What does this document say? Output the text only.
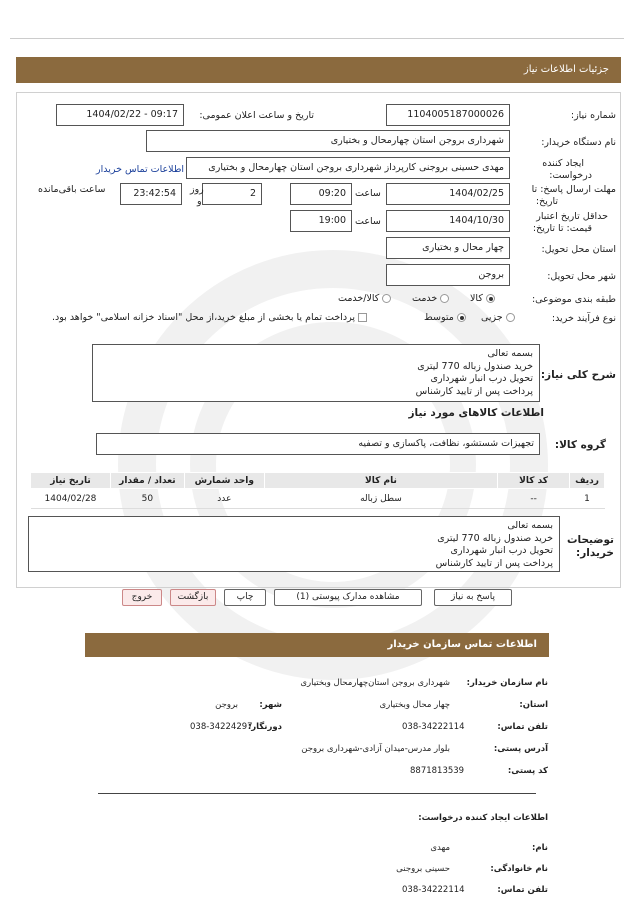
جزئیات اطلاعات نیاز
شماره نیاز:
1104005187000026
تاریخ و ساعت اعلان عمومی:
1404/02/22 - 09:17
نام دستگاه خریدار:
شهرداری بروجن استان چهارمحال و بختیاری
ایجاد کننده
درخواست:
مهدی حسینی بروجنی کارپرداز شهرداری بروجن استان چهارمحال و بختیاری
اطلاعات تماس خریدار
مهلت ارسال پاسخ: تا
تاریخ:
1404/02/25
ساعت
09:20
2
روز
و
23:42:54
ساعت باقی‌مانده
حداقل تاریخ اعتبار
قیمت: تا تاریخ:
1404/10/30
ساعت
19:00
استان محل تحویل:
چهار محال و بختیاری
شهر محل تحویل:
بروجن
طبقه بندی موضوعی:
کالا
خدمت
کالا/خدمت
نوع فرآیند خرید:
جزیی
متوسط
پرداخت تمام یا بخشی از مبلغ خرید،از محل "اسناد خزانه اسلامی" خواهد بود.
شرح کلی نیاز:
بسمه تعالی
خرید صندول زباله 770 لیتری
تحویل درب انبار شهرداری
پرداخت پس از تایید کارشناس
اطلاعات کالاهای مورد نیاز
گروه کالا:
تجهیزات شستشو، نظافت، پاکسازی و تصفیه
ردیف	کد کالا	نام کالا	واحد شمارش	تعداد / مقدار	تاریخ نیاز
1	--	سطل زباله	عدد	50	1404/02/28
توضیحات
خریدار:
بسمه تعالی
خرید صندول زباله 770 لیتری
تحویل درب انبار شهرداری
پرداخت پس از تایید کارشناس
پاسخ به نیاز
مشاهده مدارک پیوستی (1)
چاپ
بازگشت
خروج
اطلاعات تماس سازمان خریدار
نام سازمان خریدار:
شهرداری بروجن استان‌چهارمحال وبختیاری
استان:
چهار محال وبختیاری
شهر:
بروجن
تلفن تماس:
038-34222114
دورنگار:
038-34224297
آدرس پستی:
بلوار مدرس-میدان آزادی-شهرداری بروجن
کد پستی:
8871813539
اطلاعات ایجاد کننده درخواست:
نام:
مهدی
نام خانوادگی:
حسینی بروجنی
تلفن تماس:
038-34222114
